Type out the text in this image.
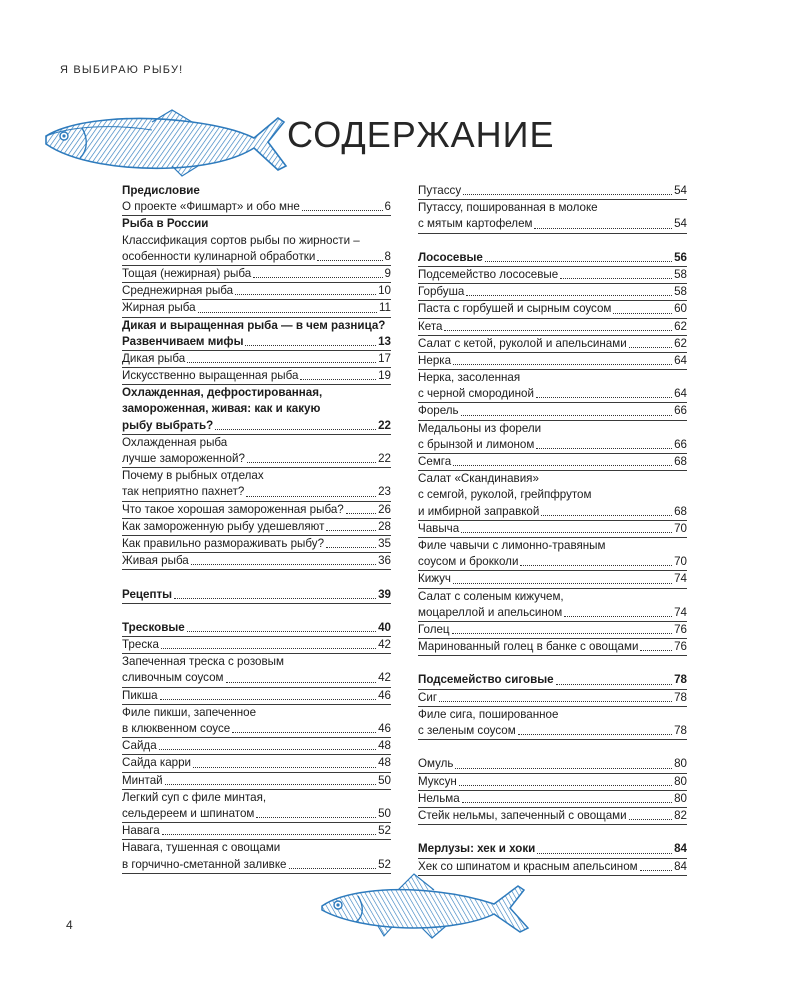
Я ВЫБИРАЮ РЫБУ!
СОДЕРЖАНИЕ
Предисловие
О проекте «Фишмарт» и обо мне	6
Рыба в России
Классификация сортов рыбы по жирности –
особенности кулинарной обработки	8
Тощая (нежирная) рыба	9
Среднежирная рыба	10
Жирная рыба	11
Дикая и выращенная рыба — в чем разница?
Развенчиваем мифы	13
Дикая рыба	17
Искусственно выращенная рыба	19
Охлажденная, дефростированная,
замороженная, живая: как и какую
рыбу выбрать?	22
Охлажденная рыба
лучше замороженной?	22
Почему в рыбных отделах
так неприятно пахнет?	23
Что такое хорошая замороженная рыба?	26
Как замороженную рыбу удешевляют	28
Как правильно размораживать рыбу?	35
Живая рыба	36
Рецепты	39
Тресковые	40
Треска	42
Запеченная треска с розовым
сливочным соусом	42
Пикша	46
Филе пикши, запеченное
в клюквенном соусе	46
Сайда	48
Сайда карри	48
Минтай	50
Легкий суп с филе минтая,
сельдереем и шпинатом	50
Навага	52
Навага, тушенная с овощами
в горчично-сметанной заливке	52
Путассу	54
Путассу, пошированная в молоке
с мятым картофелем	54
Лососевые	56
Подсемейство лососевые	58
Горбуша	58
Паста с горбушей и сырным соусом	60
Кета	62
Салат с кетой, руколой и апельсинами	62
Нерка	64
Нерка, засоленная
с черной смородиной	64
Форель	66
Медальоны из форели
с брынзой и лимоном	66
Семга	68
Салат «Скандинавия»
с семгой, руколой, грейпфрутом
и имбирной заправкой	68
Чавыча	70
Филе чавычи с лимонно-травяным
соусом и брокколи	70
Кижуч	74
Салат с соленым кижучем,
моцареллой и апельсином	74
Голец	76
Маринованный голец в банке с овощами	76
Подсемейство сиговые	78
Сиг	78
Филе сига, пошированное
с зеленым соусом	78
Омуль	80
Муксун	80
Нельма	80
Стейк нельмы, запеченный с овощами	82
Мерлузы: хек и хоки	84
Хек со шпинатом и красным апельсином	84
4
